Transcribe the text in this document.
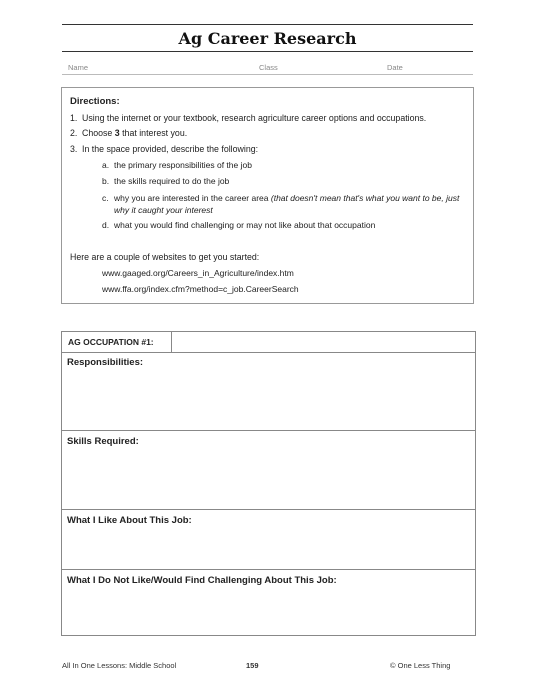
Ag Career Research
Name	Class	Date
Directions:
1. Using the internet or your textbook, research agriculture career options and occupations.
2. Choose 3 that interest you.
3. In the space provided, describe the following:
a. the primary responsibilities of the job
b. the skills required to do the job
c. why you are interested in the career area (that doesn't mean that's what you want to be, just
why it caught your interest
d. what you would find challenging or may not like about that occupation
Here are a couple of websites to get you started:
www.gaaged.org/Careers_in_Agriculture/index.htm
www.ffa.org/index.cfm?method=c_job.CareerSearch
AG OCCUPATION #1:
Responsibilities:
Skills Required:
What I Like About This Job:
What I Do Not Like/Would Find Challenging About This Job:
All In One Lessons: Middle School	159	© One Less Thing
